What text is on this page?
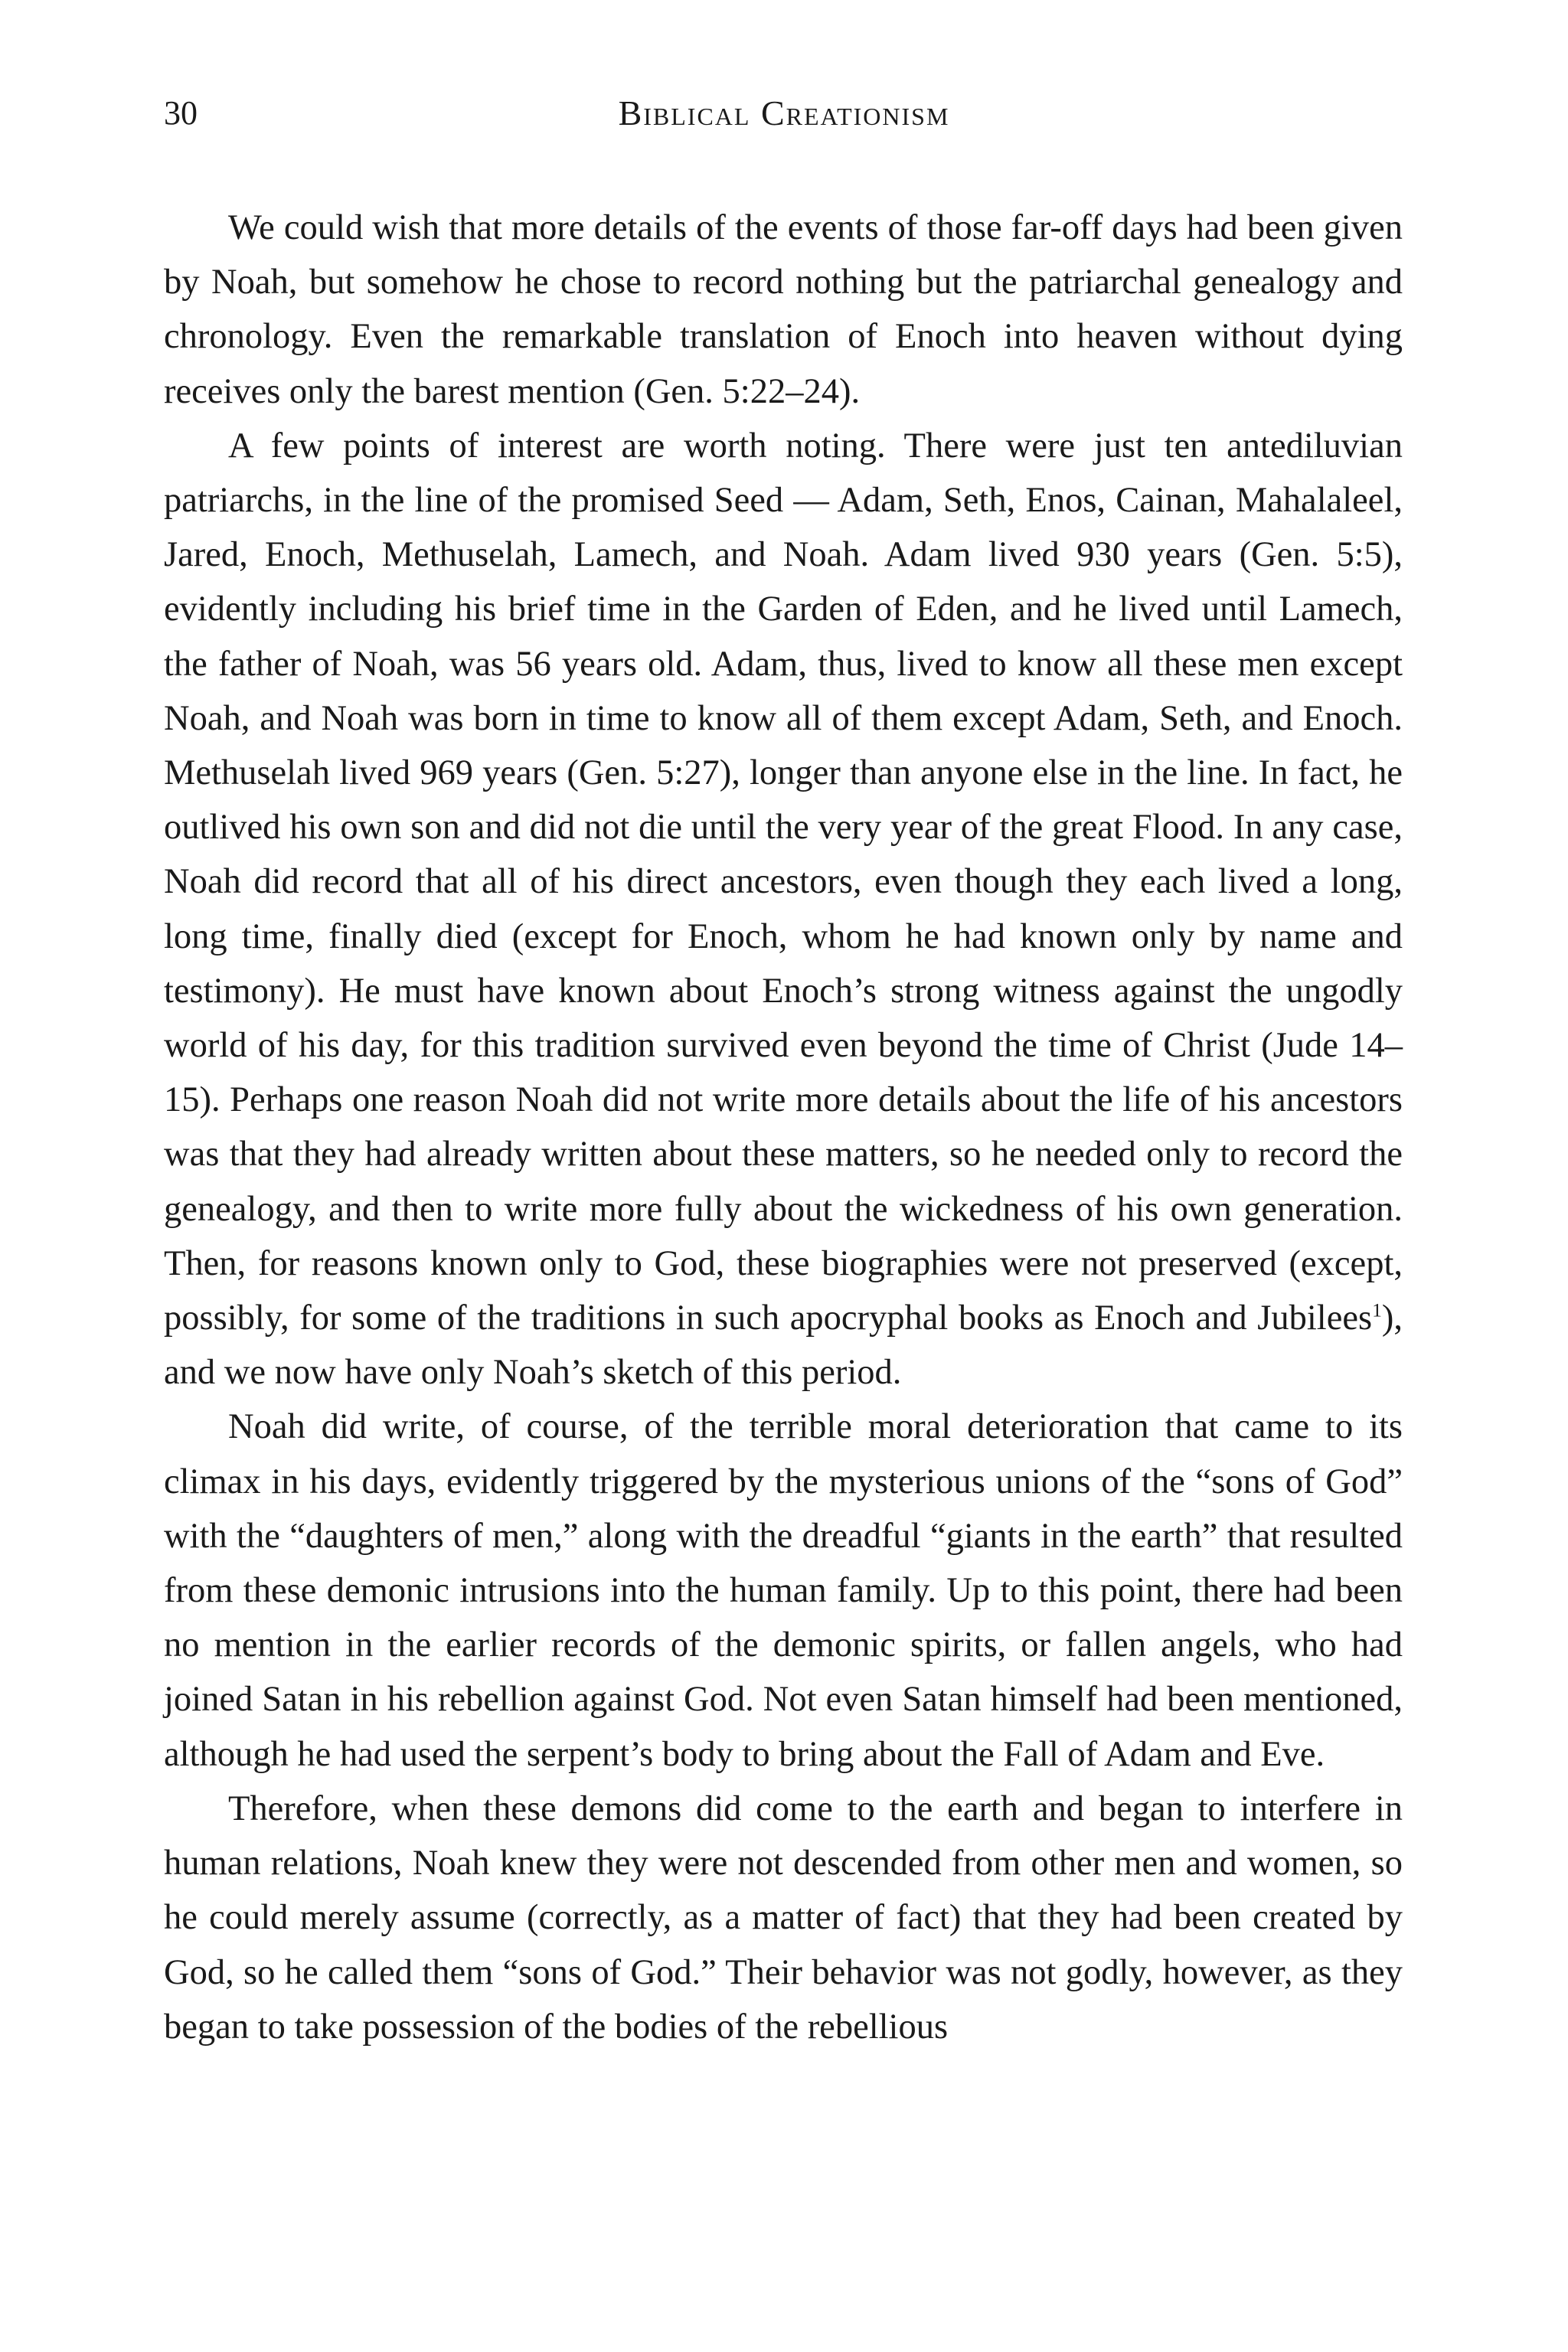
30	Biblical Creationism

We could wish that more details of the events of those far-off days had been given by Noah, but somehow he chose to record nothing but the patriarchal genealogy and chronology. Even the remarkable translation of Enoch into heaven without dying receives only the barest mention (Gen. 5:22–24).

A few points of interest are worth noting. There were just ten antediluvian patriarchs, in the line of the promised Seed — Adam, Seth, Enos, Cainan, Mahalaleel, Jared, Enoch, Methuselah, Lamech, and Noah. Adam lived 930 years (Gen. 5:5), evidently including his brief time in the Garden of Eden, and he lived until Lamech, the father of Noah, was 56 years old. Adam, thus, lived to know all these men except Noah, and Noah was born in time to know all of them except Adam, Seth, and Enoch. Methuselah lived 969 years (Gen. 5:27), longer than anyone else in the line. In fact, he outlived his own son and did not die until the very year of the great Flood. In any case, Noah did record that all of his direct ancestors, even though they each lived a long, long time, finally died (except for Enoch, whom he had known only by name and testimony). He must have known about Enoch’s strong witness against the ungodly world of his day, for this tradition survived even beyond the time of Christ (Jude 14–15). Perhaps one reason Noah did not write more details about the life of his ancestors was that they had already written about these matters, so he needed only to record the genealogy, and then to write more fully about the wickedness of his own generation. Then, for reasons known only to God, these biographies were not preserved (except, possibly, for some of the traditions in such apocryphal books as Enoch and Jubilees$^1$), and we now have only Noah’s sketch of this period.

Noah did write, of course, of the terrible moral deterioration that came to its climax in his days, evidently triggered by the mysterious unions of the “sons of God” with the “daughters of men,” along with the dreadful “giants in the earth” that resulted from these demonic intrusions into the human family. Up to this point, there had been no mention in the earlier records of the demonic spirits, or fallen angels, who had joined Satan in his rebellion against God. Not even Satan himself had been mentioned, although he had used the serpent’s body to bring about the Fall of Adam and Eve.

Therefore, when these demons did come to the earth and began to interfere in human relations, Noah knew they were not descended from other men and women, so he could merely assume (correctly, as a matter of fact) that they had been created by God, so he called them “sons of God.” Their behavior was not godly, however, as they began to take possession of the bodies of the rebellious
